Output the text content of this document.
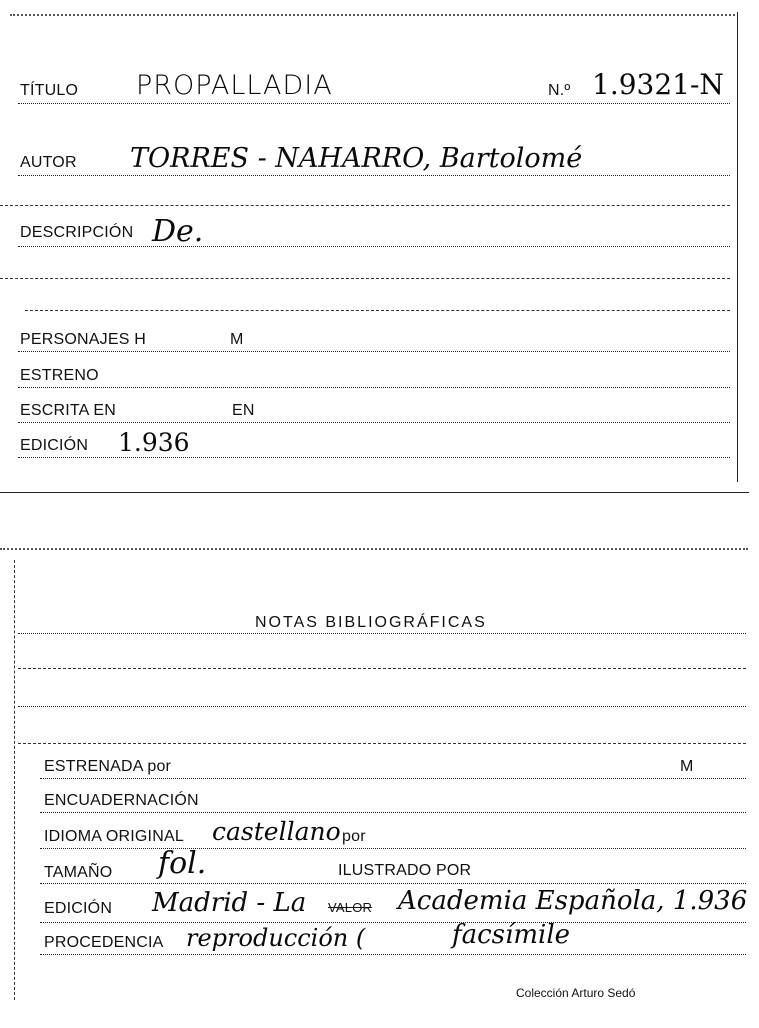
TÍTULO PROPALLADIA	N.º 1.9321-N
AUTOR TORRES - NAHARRO, Bartolomé
DESCRIPCIÓN De.
PERSONAJES H	M
ESTRENO
ESCRITA EN	EN
EDICIÓN 1.936
NOTAS BIBLIOGRÁFICAS
ESTRENADA por	M
ENCUADERNACIÓN
IDIOMA ORIGINAL castellano por
TAMAÑO fol.	ILUSTRADO POR
EDICIÓN Madrid - La VALOR Academia Española, 1.936
PROCEDENCIA reproducción (	facsímile
Colección Arturo Sedó
